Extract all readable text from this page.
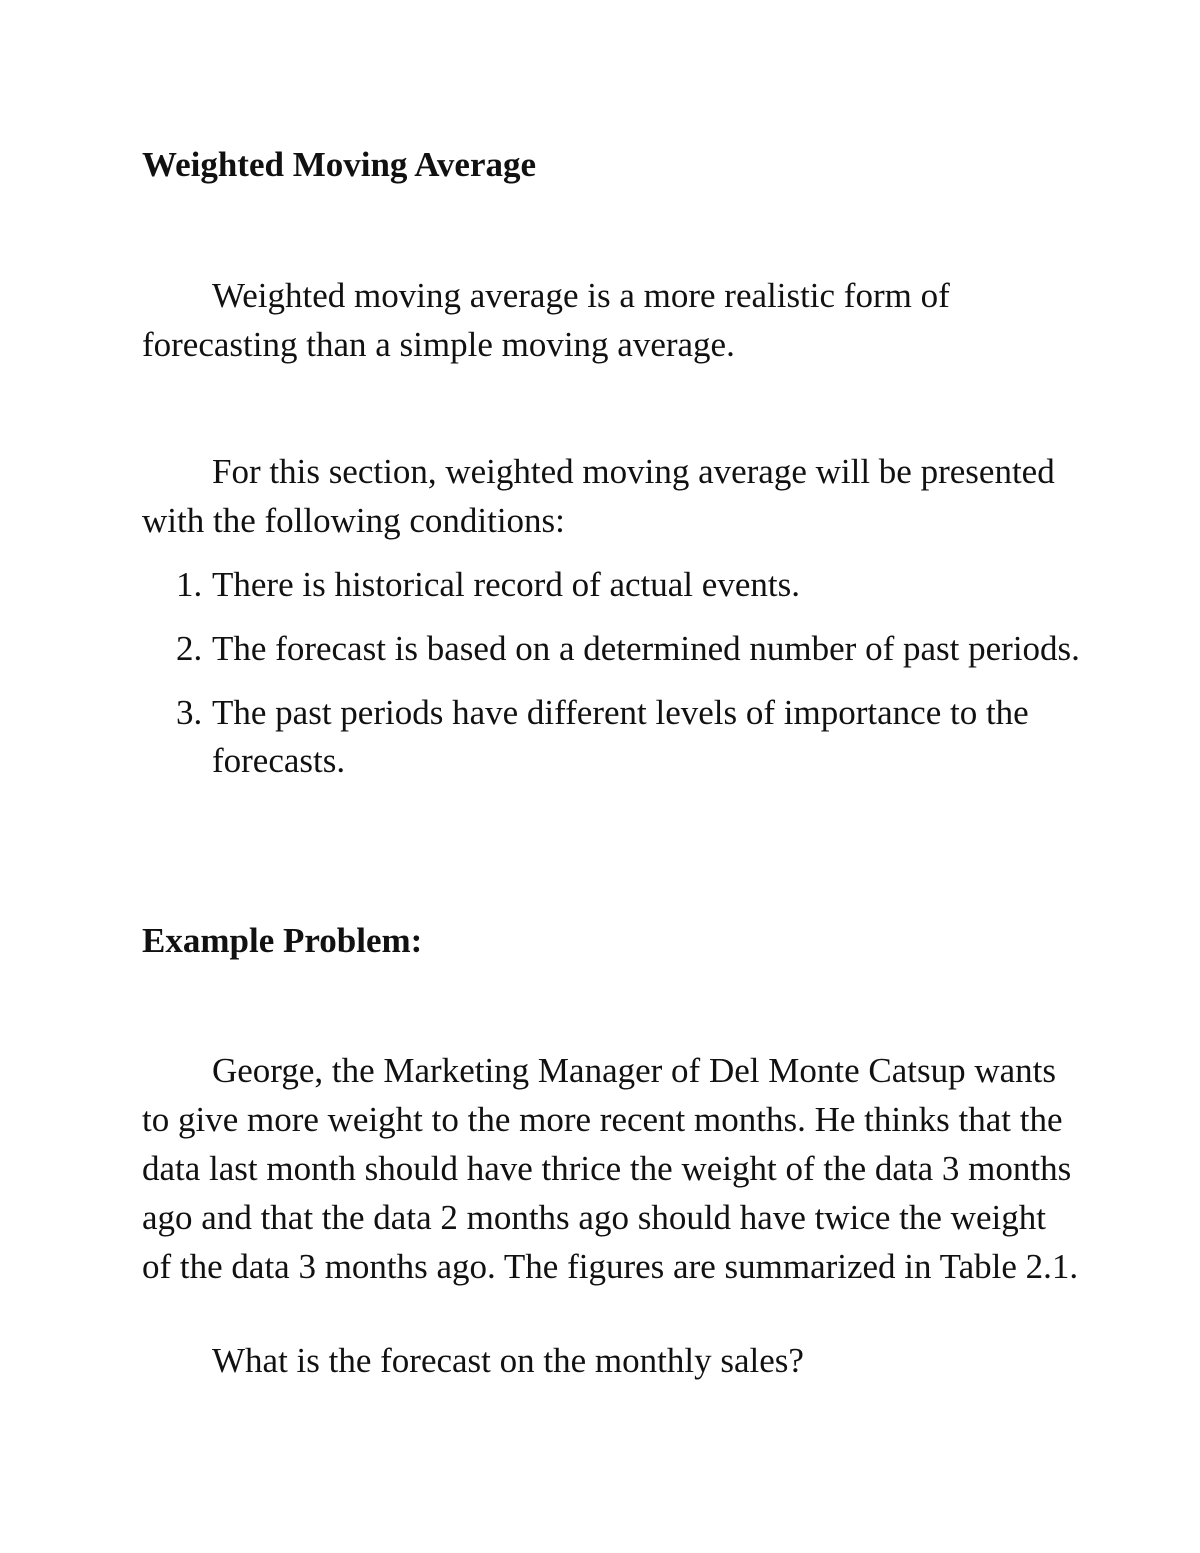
Weighted Moving Average

Weighted moving average is a more realistic form of forecasting than a simple moving average.

For this section, weighted moving average will be presented with the following conditions:

1. There is historical record of actual events.
2. The forecast is based on a determined number of past periods.
3. The past periods have different levels of importance to the forecasts.
Example Problem:

George, the Marketing Manager of Del Monte Catsup wants to give more weight to the more recent months. He thinks that the data last month should have thrice the weight of the data 3 months ago and that the data 2 months ago should have twice the weight of the data 3 months ago. The figures are summarized in Table 2.1.

What is the forecast on the monthly sales?
